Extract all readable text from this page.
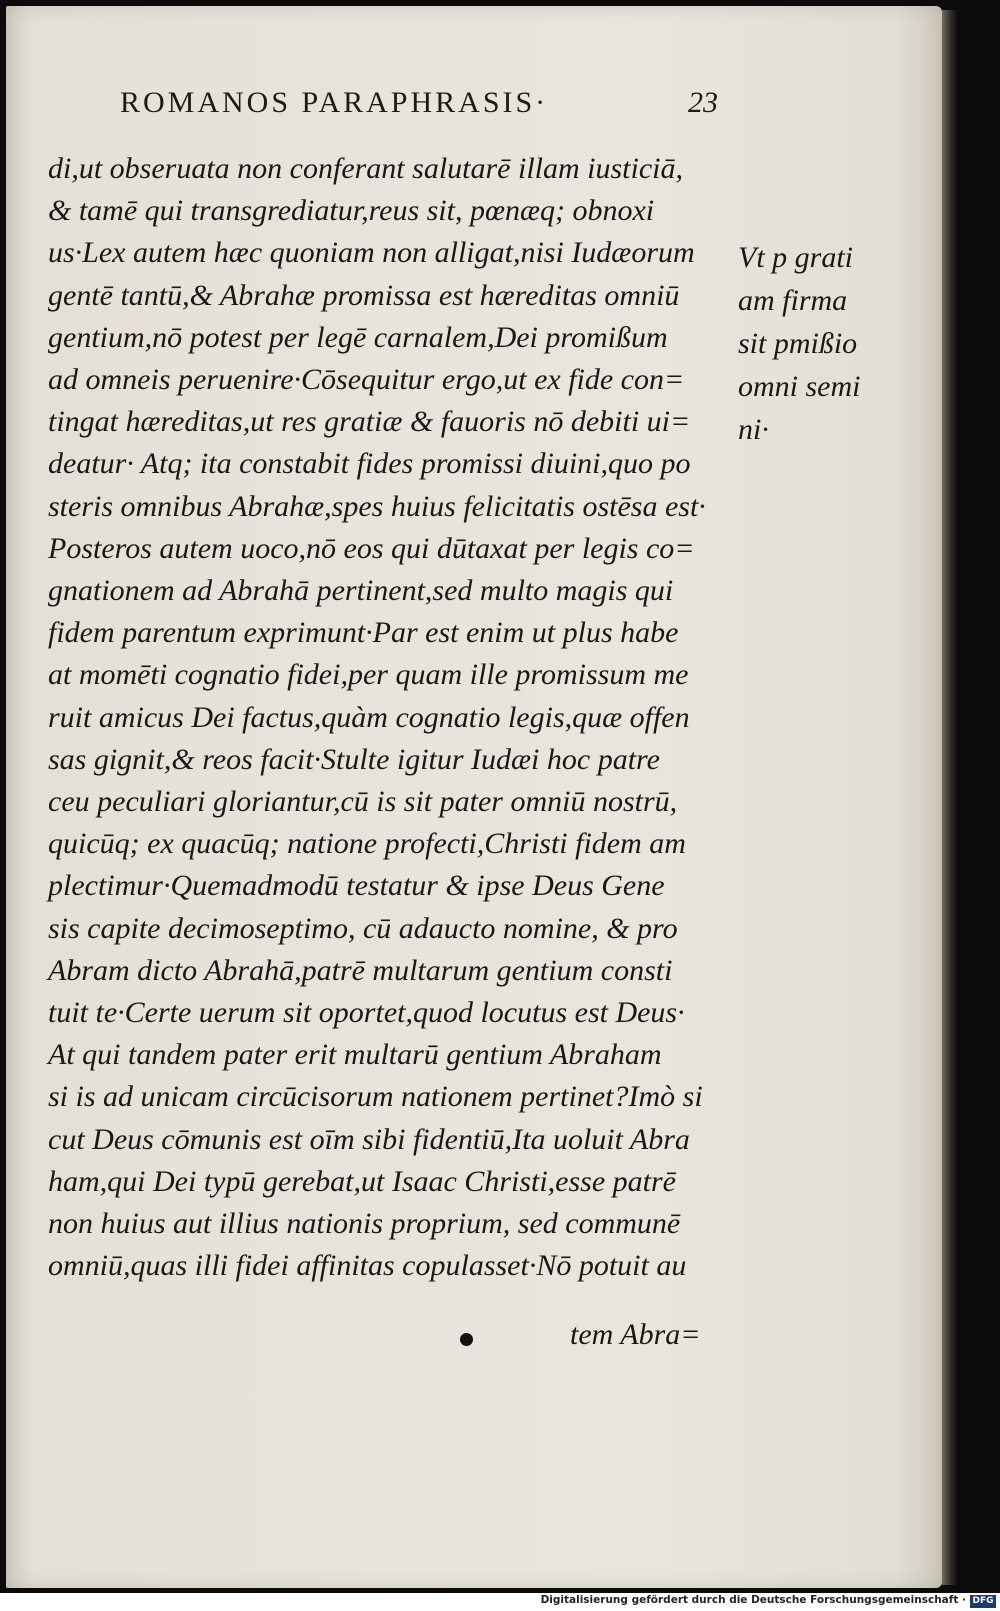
ROMANOS PARAPHRASIS·	23
di,ut obseruata non conferant salutarē illam iusticiā,
& tamē qui transgrediatur,reus sit, pœnæq; obnoxi
us·Lex autem hæc quoniam non alligat,nisi Iudæorum
gentē tantū,& Abrahæ promissa est hæreditas omniū
gentium,nō potest per legē carnalem,Dei promißum
ad omneis peruenire·Cōsequitur ergo,ut ex fide con=
tingat hæreditas,ut res gratiæ & fauoris nō debiti ui=
deatur· Atq; ita constabit fides promissi diuini,quo po
steris omnibus Abrahæ,spes huius felicitatis ostēsa est·
Posteros autem uoco,nō eos qui dūtaxat per legis co=
gnationem ad Abrahā pertinent,sed multo magis qui
fidem parentum exprimunt·Par est enim ut plus habe
at momēti cognatio fidei,per quam ille promissum me
ruit amicus Dei factus,quàm cognatio legis,quæ offen
sas gignit,& reos facit·Stulte igitur Iudæi hoc patre
ceu peculiari gloriantur,cū is sit pater omniū nostrū,
quicūq; ex quacūq; natione profecti,Christi fidem am
plectimur·Quemadmodū testatur & ipse Deus Gene
sis capite decimoseptimo, cū adaucto nomine, & pro
Abram dicto Abrahā,patrē multarum gentium consti
tuit te·Certe uerum sit oportet,quod locutus est Deus·
At qui tandem pater erit multarū gentium Abraham
si is ad unicam circūcisorum nationem pertinet?Imò si
cut Deus cōmunis est oīm sibi fidentiū,Ita uoluit Abra
ham,qui Dei typū gerebat,ut Isaac Christi,esse patrē
non huius aut illius nationis proprium, sed communē
omniū,quas illi fidei affinitas copulasset·Nō potuit au
Vt p grati
am firma
sit pmißio
omni semi
ni·
tem Abra=
Digitalisierung gefördert durch die Deutsche Forschungsgemeinschaft · DFG
